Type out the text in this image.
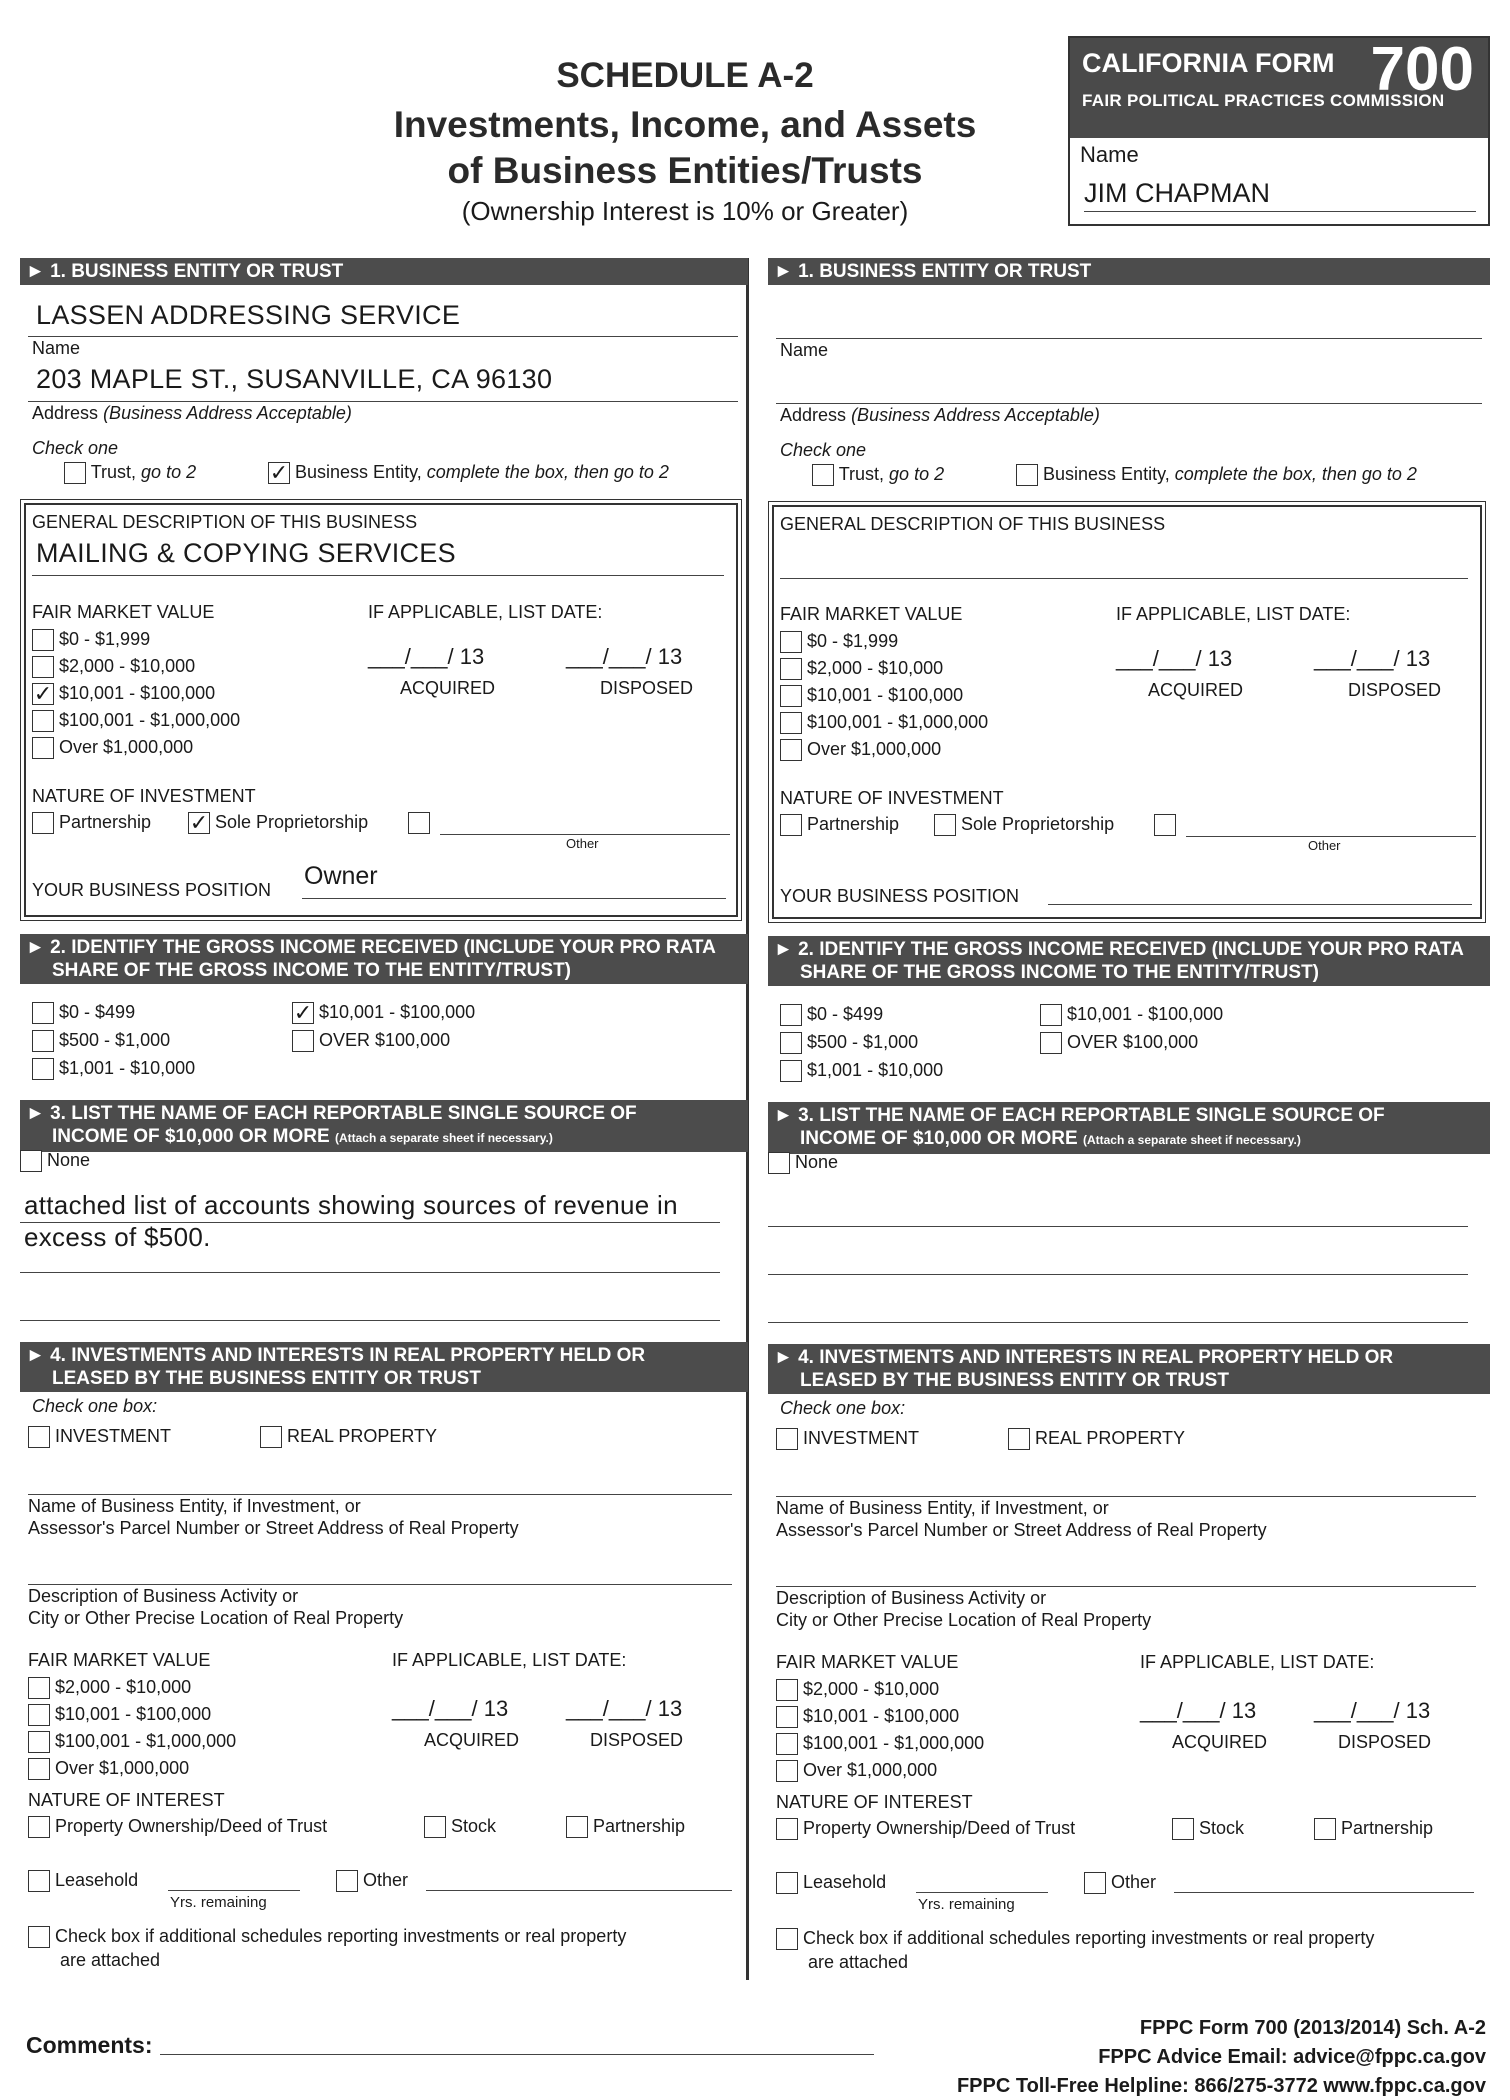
SCHEDULE A-2
Investments, Income, and Assets
of Business Entities/Trusts
(Ownership Interest is 10% or Greater)
CALIFORNIA FORM 700
FAIR POLITICAL PRACTICES COMMISSION
Name
JIM CHAPMAN
► 1. BUSINESS ENTITY OR TRUST
LASSEN ADDRESSING SERVICE
Name
203 MAPLE ST., SUSANVILLE, CA 96130
Address (Business Address Acceptable)
Check one
Trust, go to 2	✓ Business Entity, complete the box, then go to 2
GENERAL DESCRIPTION OF THIS BUSINESS
MAILING & COPYING SERVICES
FAIR MARKET VALUE	IF APPLICABLE, LIST DATE:
$0 - $1,999
$2,000 - $10,000
✓ $10,001 - $100,000
$100,001 - $1,000,000
Over $1,000,000
___/___/ 13
ACQUIRED
___/___/ 13
DISPOSED
NATURE OF INVESTMENT
Partnership ✓ Sole Proprietorship
Other
YOUR BUSINESS POSITION Owner
► 2. IDENTIFY THE GROSS INCOME RECEIVED (INCLUDE YOUR PRO RATA
SHARE OF THE GROSS INCOME TO THE ENTITY/TRUST)
$0 - $499
$500 - $1,000
$1,001 - $10,000
✓ $10,001 - $100,000
OVER $100,000
► 3. LIST THE NAME OF EACH REPORTABLE SINGLE SOURCE OF
INCOME OF $10,000 OR MORE (Attach a separate sheet if necessary.)
None
attached list of accounts showing sources of revenue in
excess of $500.
► 4. INVESTMENTS AND INTERESTS IN REAL PROPERTY HELD OR
LEASED BY THE BUSINESS ENTITY OR TRUST
Check one box:
INVESTMENT	REAL PROPERTY
Name of Business Entity, if Investment, or
Assessor's Parcel Number or Street Address of Real Property
Description of Business Activity or
City or Other Precise Location of Real Property
FAIR MARKET VALUE	IF APPLICABLE, LIST DATE:
$2,000 - $10,000
$10,001 - $100,000
$100,001 - $1,000,000
Over $1,000,000
___/___/ 13
ACQUIRED
___/___/ 13
DISPOSED
NATURE OF INTEREST
Property Ownership/Deed of Trust	Stock	Partnership
Leasehold
Yrs. remaining
Other
Check box if additional schedules reporting investments or real property
are attached
► 1. BUSINESS ENTITY OR TRUST
Name
Address (Business Address Acceptable)
Check one
Trust, go to 2	Business Entity, complete the box, then go to 2
GENERAL DESCRIPTION OF THIS BUSINESS
FAIR MARKET VALUE	IF APPLICABLE, LIST DATE:
$0 - $1,999
$2,000 - $10,000
$10,001 - $100,000
$100,001 - $1,000,000
Over $1,000,000
___/___/ 13
ACQUIRED
___/___/ 13
DISPOSED
NATURE OF INVESTMENT
Partnership	Sole Proprietorship
Other
YOUR BUSINESS POSITION
► 2. IDENTIFY THE GROSS INCOME RECEIVED (INCLUDE YOUR PRO RATA
SHARE OF THE GROSS INCOME TO THE ENTITY/TRUST)
$0 - $499
$500 - $1,000
$1,001 - $10,000
$10,001 - $100,000
OVER $100,000
► 3. LIST THE NAME OF EACH REPORTABLE SINGLE SOURCE OF
INCOME OF $10,000 OR MORE (Attach a separate sheet if necessary.)
None
► 4. INVESTMENTS AND INTERESTS IN REAL PROPERTY HELD OR
LEASED BY THE BUSINESS ENTITY OR TRUST
Check one box:
INVESTMENT	REAL PROPERTY
Name of Business Entity, if Investment, or
Assessor's Parcel Number or Street Address of Real Property
Description of Business Activity or
City or Other Precise Location of Real Property
FAIR MARKET VALUE	IF APPLICABLE, LIST DATE:
$2,000 - $10,000
$10,001 - $100,000
$100,001 - $1,000,000
Over $1,000,000
___/___/ 13
ACQUIRED
___/___/ 13
DISPOSED
NATURE OF INTEREST
Property Ownership/Deed of Trust	Stock	Partnership
Leasehold
Yrs. remaining
Other
Check box if additional schedules reporting investments or real property
are attached
Comments:
FPPC Form 700 (2013/2014) Sch. A-2
FPPC Advice Email: advice@fppc.ca.gov
FPPC Toll-Free Helpline: 866/275-3772 www.fppc.ca.gov
